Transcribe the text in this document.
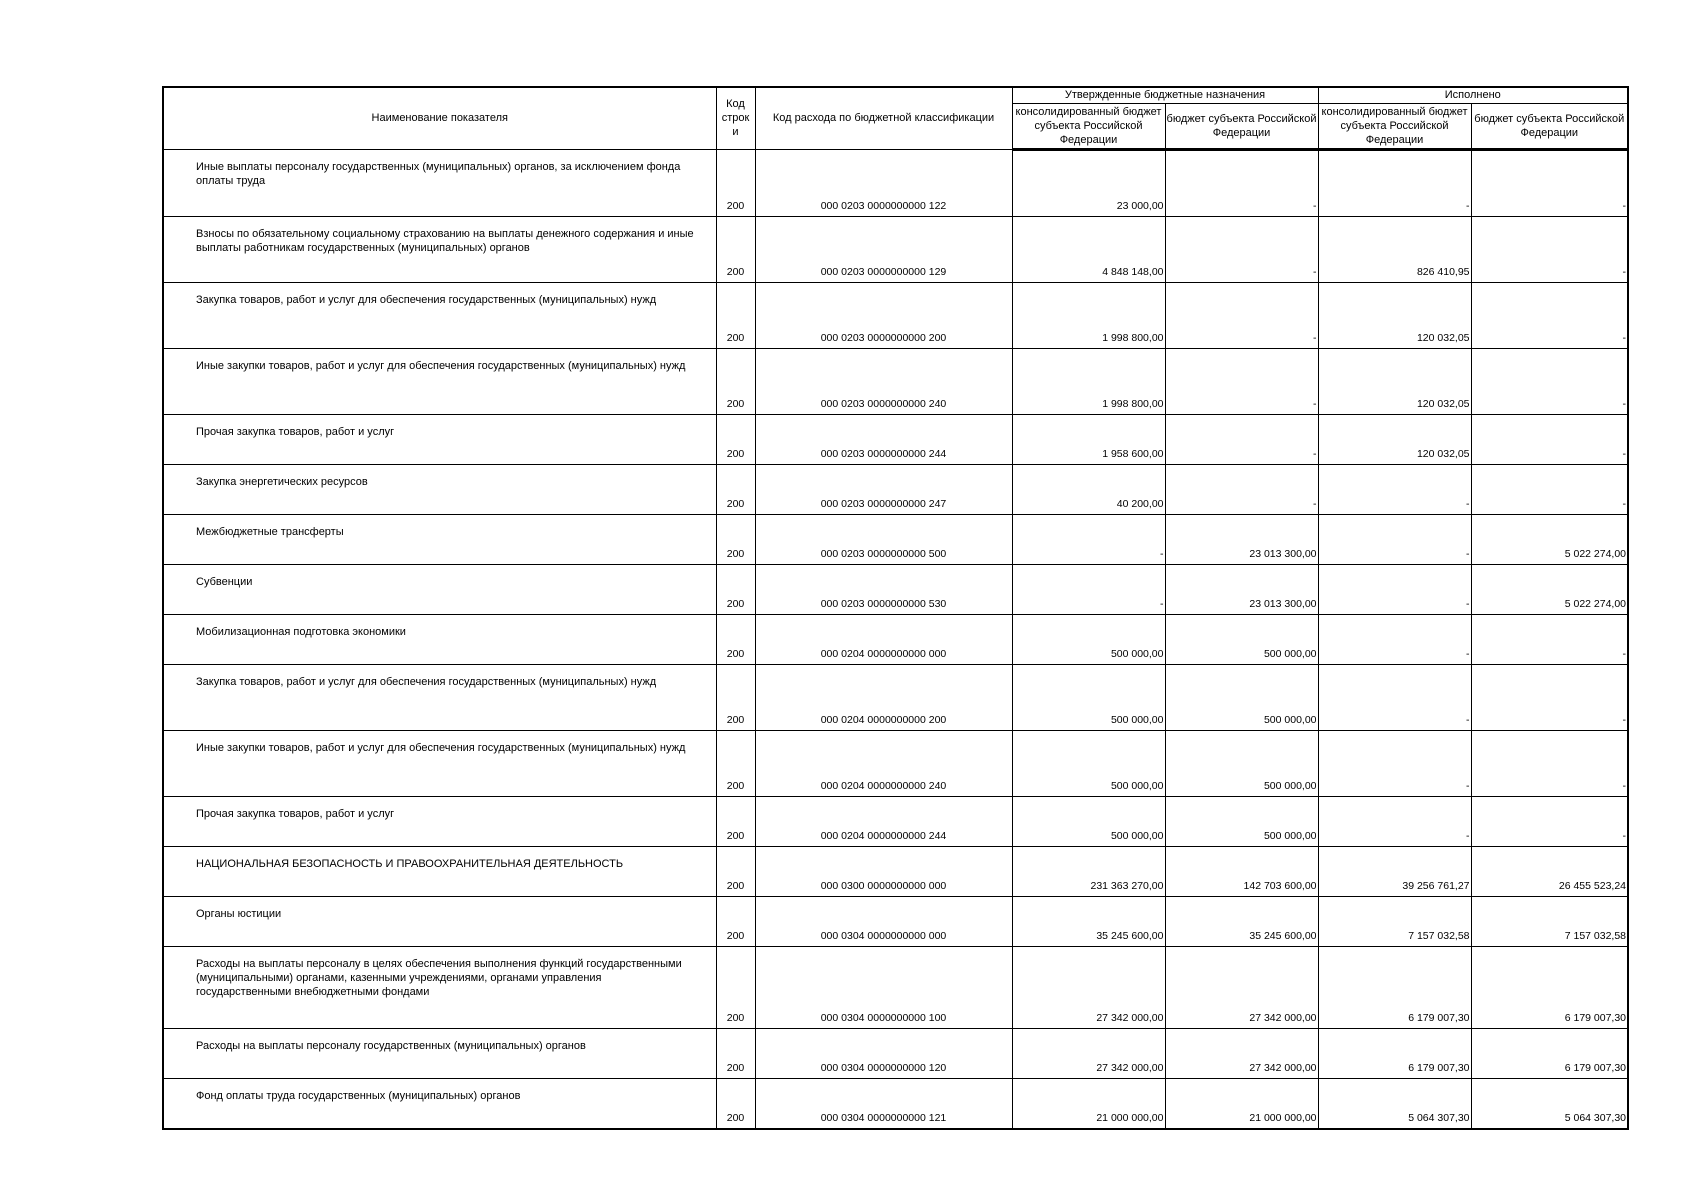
Наименование показателя	Код строк и	Код расхода по бюджетной классификации	Утвержденные бюджетные назначения		Исполнено	
			консолидированный бюджет субъекта Российской Федерации	бюджет субъекта Российской Федерации	консолидированный бюджет субъекта Российской Федерации	бюджет субъекта Российской Федерации

Иные выплаты персоналу государственных (муниципальных) органов, за исключением фонда оплаты труда	200	000 0203 0000000000 122	23 000,00	-	-	-

Взносы по обязательному социальному страхованию на выплаты денежного содержания и иные выплаты работникам государственных (муниципальных) органов	200	000 0203 0000000000 129	4 848 148,00	-	826 410,95	-

Закупка товаров, работ и услуг для обеспечения государственных (муниципальных) нужд	200	000 0203 0000000000 200	1 998 800,00	-	120 032,05	-

Иные закупки товаров, работ и услуг для обеспечения государственных (муниципальных) нужд	200	000 0203 0000000000 240	1 998 800,00	-	120 032,05	-

Прочая закупка товаров, работ и услуг	200	000 0203 0000000000 244	1 958 600,00	-	120 032,05	-

Закупка энергетических ресурсов	200	000 0203 0000000000 247	40 200,00	-	-	-

Межбюджетные трансферты	200	000 0203 0000000000 500	-	23 013 300,00	-	5 022 274,00

Субвенции	200	000 0203 0000000000 530	-	23 013 300,00	-	5 022 274,00

Мобилизационная подготовка экономики	200	000 0204 0000000000 000	500 000,00	500 000,00	-	-

Закупка товаров, работ и услуг для обеспечения государственных (муниципальных) нужд	200	000 0204 0000000000 200	500 000,00	500 000,00	-	-

Иные закупки товаров, работ и услуг для обеспечения государственных (муниципальных) нужд	200	000 0204 0000000000 240	500 000,00	500 000,00	-	-

Прочая закупка товаров, работ и услуг	200	000 0204 0000000000 244	500 000,00	500 000,00	-	-

НАЦИОНАЛЬНАЯ БЕЗОПАСНОСТЬ И ПРАВООХРАНИТЕЛЬНАЯ ДЕЯТЕЛЬНОСТЬ	200	000 0300 0000000000 000	231 363 270,00	142 703 600,00	39 256 761,27	26 455 523,24

Органы юстиции	200	000 0304 0000000000 000	35 245 600,00	35 245 600,00	7 157 032,58	7 157 032,58

Расходы на выплаты персоналу в целях обеспечения выполнения функций государственными (муниципальными) органами, казенными учреждениями, органами управления государственными внебюджетными фондами	200	000 0304 0000000000 100	27 342 000,00	27 342 000,00	6 179 007,30	6 179 007,30

Расходы на выплаты персоналу государственных (муниципальных) органов	200	000 0304 0000000000 120	27 342 000,00	27 342 000,00	6 179 007,30	6 179 007,30

Фонд оплаты труда государственных (муниципальных) органов	200	000 0304 0000000000 121	21 000 000,00	21 000 000,00	5 064 307,30	5 064 307,30
